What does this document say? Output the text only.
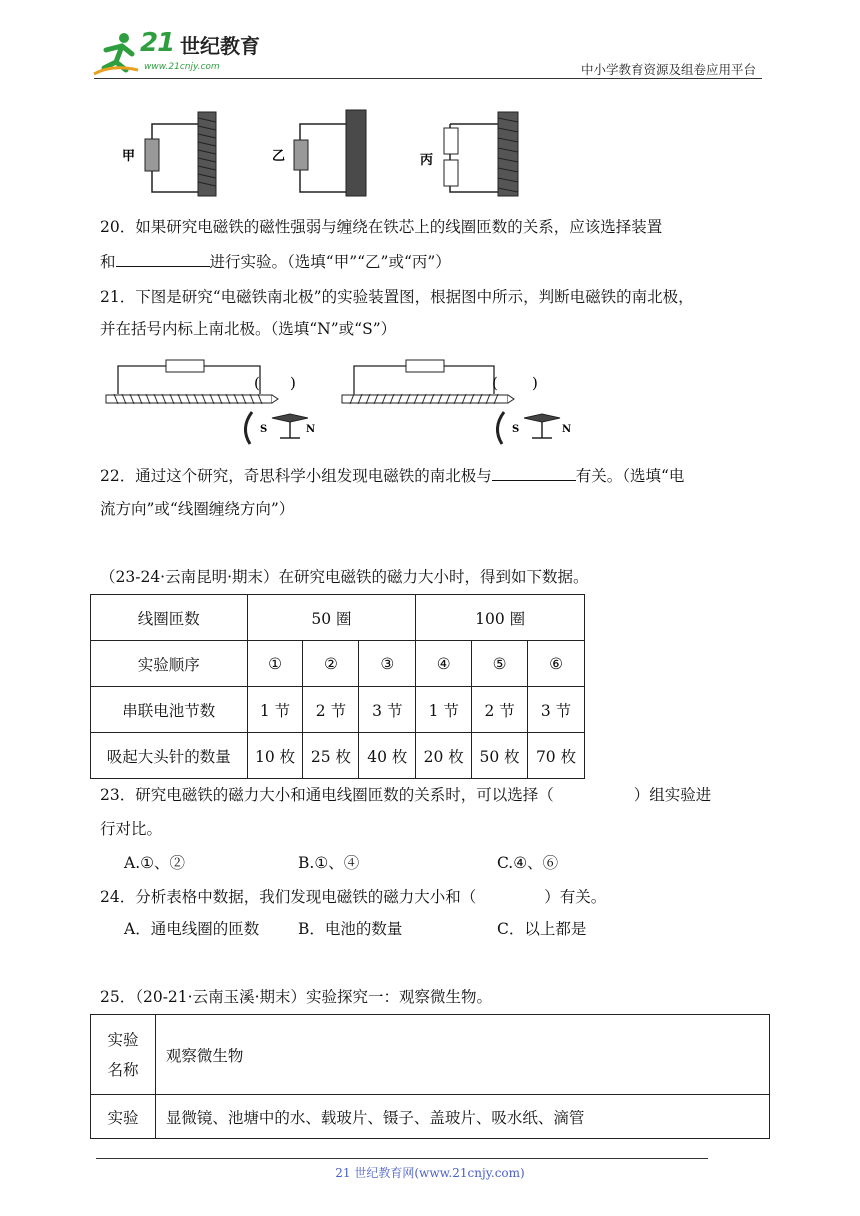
21 世纪教育
www.21cnjy.com	中小学教育资源及组卷应用平台
甲	乙	丙
20．如果研究电磁铁的磁性强弱与缠绕在铁芯上的线圈匝数的关系，应该选择装置
和	进行实验。（选填“甲”“乙”或“丙”）
21．下图是研究“电磁铁南北极”的实验装置图，根据图中所示，判断电磁铁的南北极，
并在括号内标上南北极。（选填“N”或“S”）
( )
S	N
( )
S	N
22．通过这个研究，奇思科学小组发现电磁铁的南北极与	有关。（选填“电
流方向”或“线圈缠绕方向”）
（23-24·云南昆明·期末）在研究电磁铁的磁力大小时，得到如下数据。
线圈匝数	50 圈			100 圈		
实验顺序	①	②	③	④	⑤	⑥
串联电池节数	1 节	2 节	3 节	1 节	2 节	3 节
吸起大头针的数量	10 枚	25 枚	40 枚	20 枚	50 枚	70 枚
23．研究电磁铁的磁力大小和通电线圈匝数的关系时，可以选择（	）组实验进
行对比。
A.①、②	B.①、④	C.④、⑥
24．分析表格中数据，我们发现电磁铁的磁力大小和（	）有关。
A．通电线圈的匝数	B．电池的数量	C．以上都是
25．（20-21·云南玉溪·期末）实验探究一：观察微生物。
实验
名称	观察微生物
实验	显微镜、池塘中的水、载玻片、镊子、盖玻片、吸水纸、滴管
21 世纪教育网(www.21cnjy.com)
